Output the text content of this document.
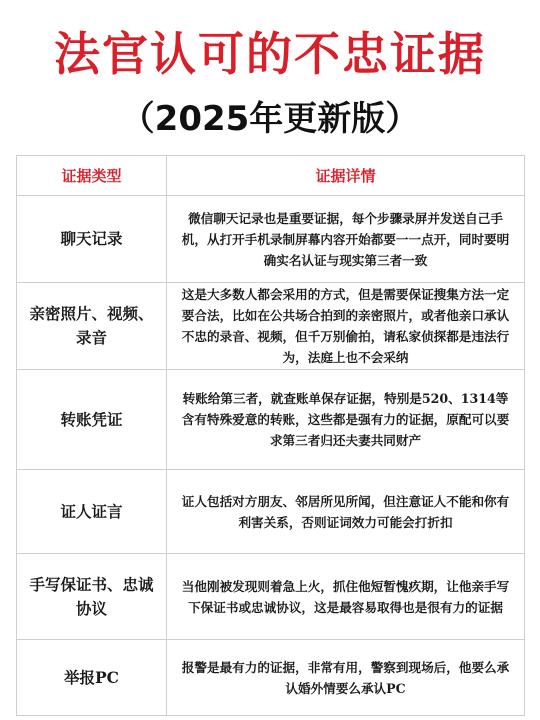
法官认可的不忠证据
（2025年更新版）
证据类型	证据详情
聊天记录	微信聊天记录也是重要证据，每个步骤录屏并发送自己手机，从打开手机录制屏幕内容开始都要一一点开，同时要明确实名认证与现实第三者一致
亲密照片、视频、录音	这是大多数人都会采用的方式，但是需要保证搜集方法一定要合法，比如在公共场合拍到的亲密照片，或者他亲口承认不忠的录音、视频，但千万别偷拍，请私家侦探都是违法行为，法庭上也不会采纳
转账凭证	转账给第三者，就查账单保存证据，特别是520、1314等含有特殊爱意的转账，这些都是强有力的证据，原配可以要求第三者归还夫妻共同财产
证人证言	证人包括对方朋友、邻居所见所闻，但注意证人不能和你有利害关系，否则证词效力可能会打折扣
手写保证书、忠诚协议	当他刚被发现则着急上火，抓住他短暂愧疚期，让他亲手写下保证书或忠诚协议，这是最容易取得也是很有力的证据
举报PC	报警是最有力的证据，非常有用，警察到现场后，他要么承认婚外情要么承认PC
